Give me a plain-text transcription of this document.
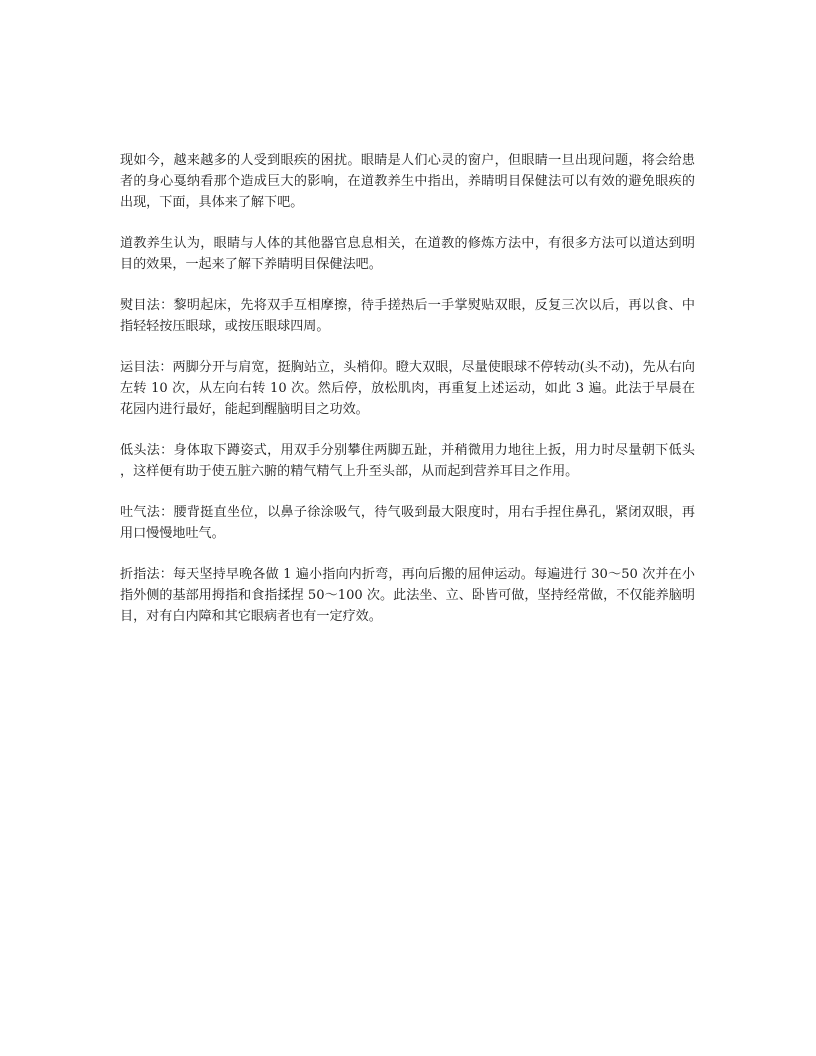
现如今，越来越多的人受到眼疾的困扰。眼睛是人们心灵的窗户，但眼睛一旦出现问题，将会给患者的身心戛纳看那个造成巨大的影响，在道教养生中指出，养睛明目保健法可以有效的避免眼疾的出现，下面，具体来了解下吧。

道教养生认为，眼睛与人体的其他器官息息相关，在道教的修炼方法中，有很多方法可以道达到明目的效果，一起来了解下养睛明目保健法吧。

熨目法：黎明起床，先将双手互相摩擦，待手搓热后一手掌熨贴双眼，反复三次以后，再以食、中指轻轻按压眼球，或按压眼球四周。

运目法：两脚分开与肩宽，挺胸站立，头梢仰。瞪大双眼，尽量使眼球不停转动(头不动)，先从右向左转 10 次，从左向右转 10 次。然后停，放松肌肉，再重复上述运动，如此 3 遍。此法于早晨在花园内进行最好，能起到醒脑明目之功效。

低头法：身体取下蹲姿式，用双手分别攀住两脚五趾，并稍微用力地往上扳，用力时尽量朝下低头，这样便有助于使五脏六腑的精气精气上升至头部，从而起到营养耳目之作用。

吐气法：腰背挺直坐位，以鼻子徐涂吸气，待气吸到最大限度时，用右手捏住鼻孔，紧闭双眼，再用口慢慢地吐气。

折指法：每天坚持早晚各做 1 遍小指向内折弯，再向后搬的屈伸运动。每遍进行 30～50 次并在小指外侧的基部用拇指和食指揉捏 50～100 次。此法坐、立、卧皆可做，坚持经常做，不仅能养脑明目，对有白内障和其它眼病者也有一定疗效。
